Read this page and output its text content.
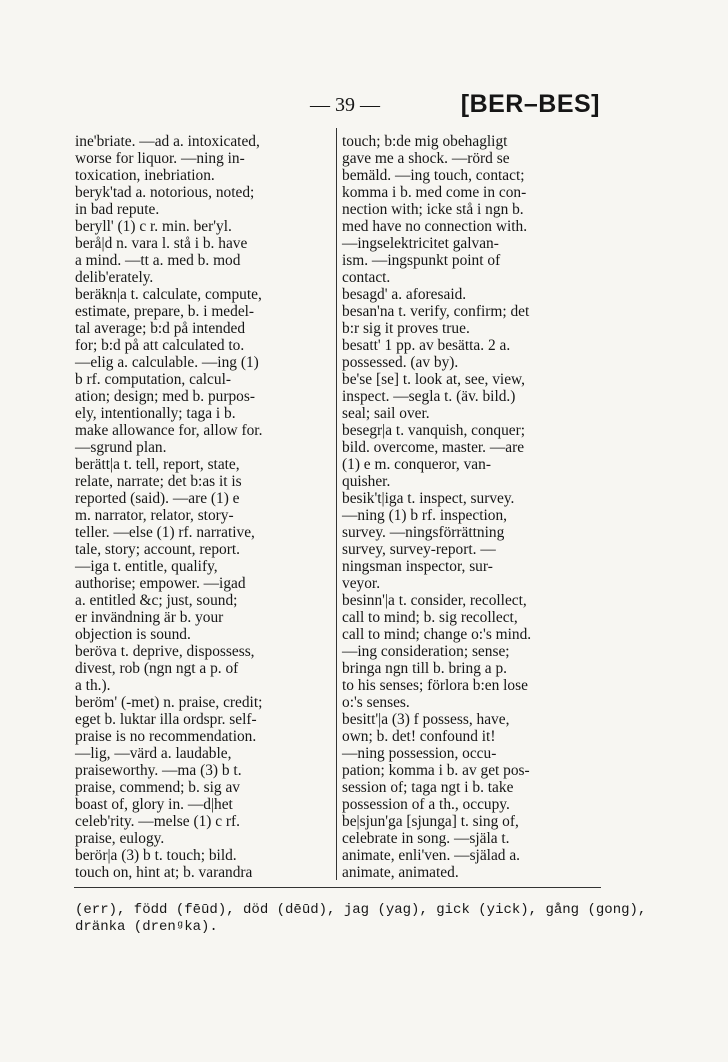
— 39 —	[BER–BES]
ine'briate. —ad a. intoxicated,
worse for liquor. —ning in-
toxication, inebriation.
beryk'tad a. notorious, noted;
in bad repute.
beryll' (1) c r. min. ber'yl.
berå|d n. vara l. stå i b. have
a mind. —tt a. med b. mod
delib'erately.
beräkn|a t. calculate, compute,
estimate, prepare, b. i medel-
tal average; b:d på intended
for; b:d på att calculated to.
—elig a. calculable. —ing (1)
b rf. computation, calcul-
ation; design; med b. purpos-
ely, intentionally; taga i b.
make allowance for, allow for.
—sgrund plan.
berätt|a t. tell, report, state,
relate, narrate; det b:as it is
reported (said). —are (1) e
m. narrator, relator, story-
teller. —else (1) rf. narrative,
tale, story; account, report.
—iga t. entitle, qualify,
authorise; empower. —igad
a. entitled &c; just, sound;
er invändning är b. your
objection is sound.
beröva t. deprive, dispossess,
divest, rob (ngn ngt a p. of
a th.).
beröm' (-met) n. praise, credit;
eget b. luktar illa ordspr. self-
praise is no recommendation.
—lig, —värd a. laudable,
praiseworthy. —ma (3) b t.
praise, commend; b. sig av
boast of, glory in. —d|het
celeb'rity. —melse (1) c rf.
praise, eulogy.
berör|a (3) b t. touch; bild.
touch on, hint at; b. varandra
touch; b:de mig obehagligt
gave me a shock. —rörd se
bemäld. —ing touch, contact;
komma i b. med come in con-
nection with; icke stå i ngn b.
med have no connection with.
—ingselektricitet galvan-
ism. —ingspunkt point of
contact.
besagd' a. aforesaid.
besan'na t. verify, confirm; det
b:r sig it proves true.
besatt' 1 pp. av besätta. 2 a.
possessed. (av by).
be'se [se] t. look at, see, view,
inspect. —segla t. (äv. bild.)
seal; sail over.
besegr|a t. vanquish, conquer;
bild. overcome, master. —are
(1) e m. conqueror, van-
quisher.
besik't|iga t. inspect, survey.
—ning (1) b rf. inspection,
survey. —ningsförrättning
survey, survey-report. —
ningsman inspector, sur-
veyor.
besinn'|a t. consider, recollect,
call to mind; b. sig recollect,
call to mind; change o:'s mind.
—ing consideration; sense;
bringa ngn till b. bring a p.
to his senses; förlora b:en lose
o:'s senses.
besitt'|a (3) f possess, have,
own; b. det! confound it!
—ning possession, occu-
pation; komma i b. av get pos-
session of; taga ngt i b. take
possession of a th., occupy.
be|sjun'ga [sjunga] t. sing of,
celebrate in song. —själa t.
animate, enli'ven. —själad a.
animate, animated.
(err), född (fēūd), död (dēūd), jag (yag), gick (yick), gång (gong),
dränka (drenᵍka).
